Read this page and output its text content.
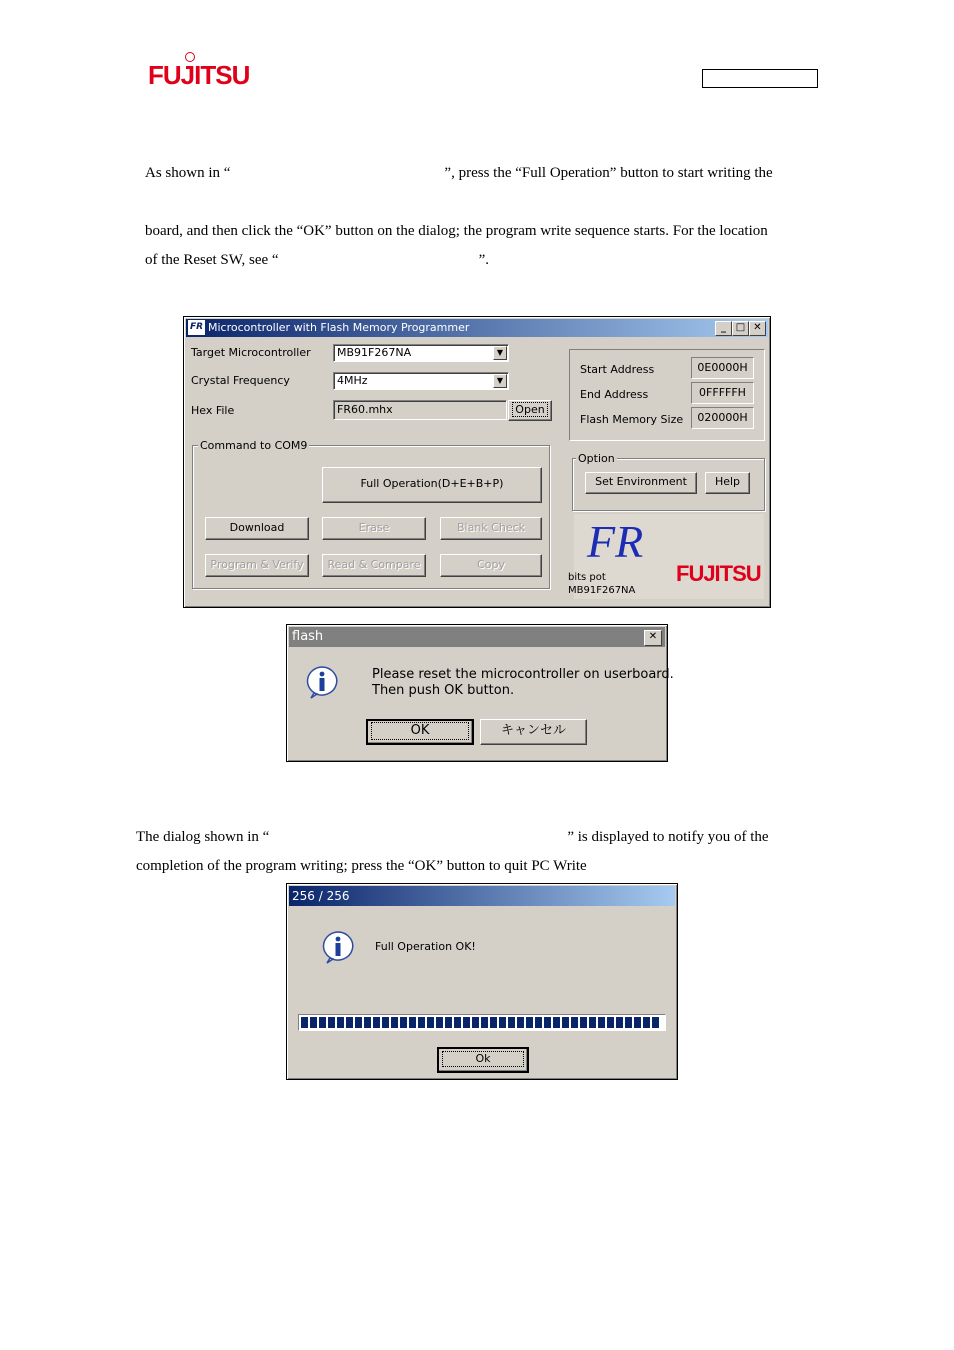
FUJITSU
As shown in “	”, press the “Full Operation” button to start writing the
board, and then click the “OK” button on the dialog; the program write sequence starts. For the location
of the Reset SW, see “	”.
FR Microcontroller with Flash Memory Programmer	_ □ ✕
Target Microcontroller	MB91F267NA	▼
Crystal Frequency	4MHz	▼
Hex File	FR60.mhx	Open
Command to COM9
Full Operation(D+E+B+P)
Download	Erase	Blank Check
Program & Verify	Read & Compare	Copy
Start Address	0E0000H
End Address	0FFFFFH
Flash Memory Size	020000H
Option
Set Environment	Help
FR
FUJITSU
bits pot
MB91F267NA
flash	✕
Please reset the microcontroller on userboard.
Then push OK button.
OK	キャンセル
The dialog shown in “	” is displayed to notify you of the
completion of the program writing; press the “OK” button to quit PC Write
256 / 256
Full Operation OK!
Ok
